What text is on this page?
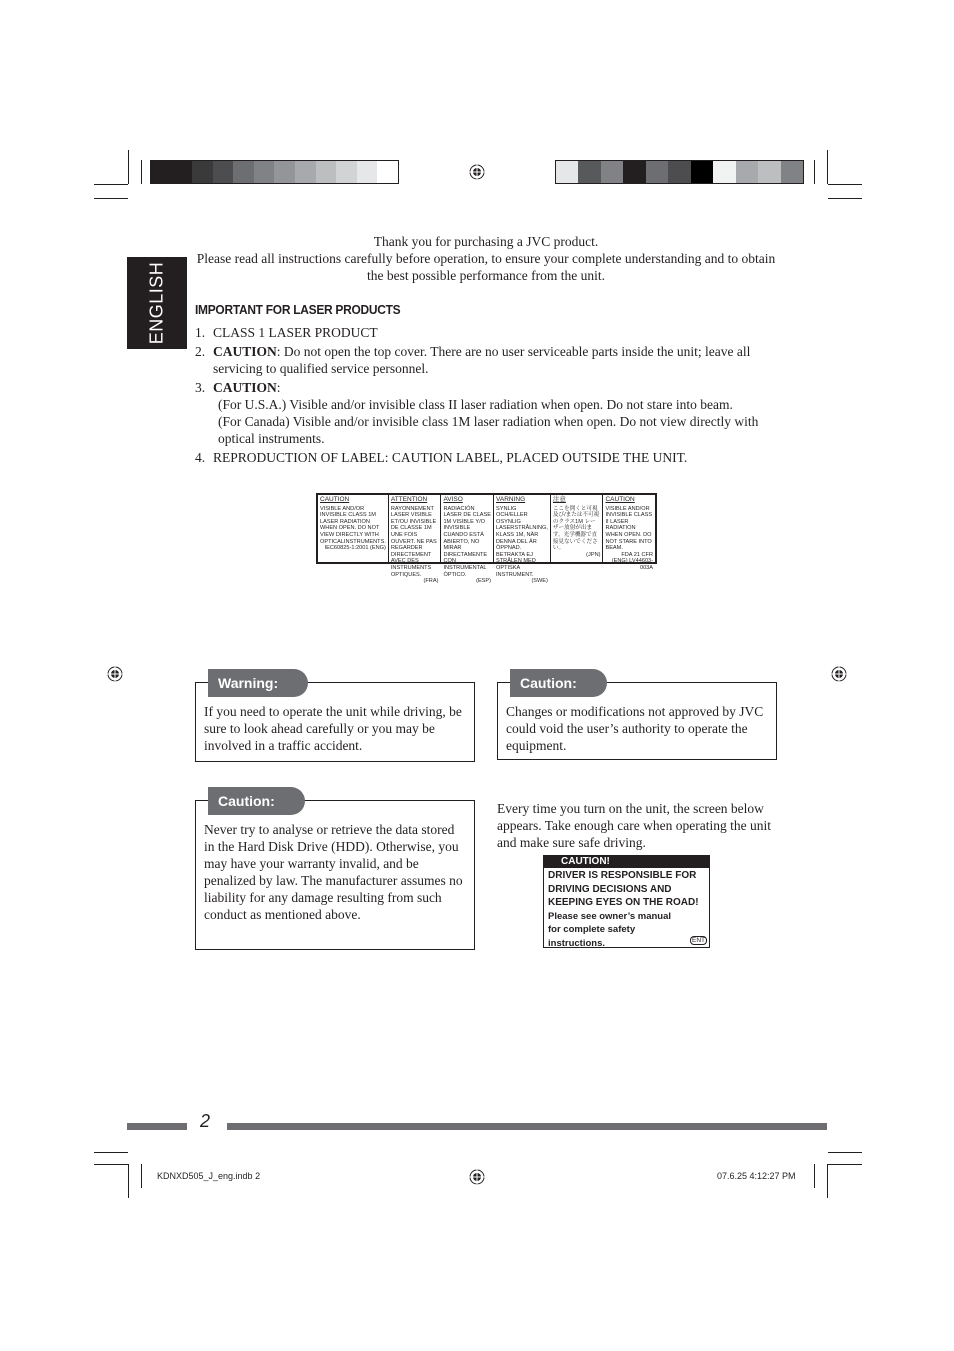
ENGLISH
Thank you for purchasing a JVC product.
Please read all instructions carefully before operation, to ensure your complete understanding and to obtain the best possible performance from the unit.
IMPORTANT FOR LASER PRODUCTS
1. CLASS 1 LASER PRODUCT
2. CAUTION: Do not open the top cover. There are no user serviceable parts inside the unit; leave all servicing to qualified service personnel.
3. CAUTION:
(For U.S.A.) Visible and/or invisible class II laser radiation when open. Do not stare into beam.
(For Canada) Visible and/or invisible class 1M laser radiation when open. Do not view directly with optical instruments.
4. REPRODUCTION OF LABEL: CAUTION LABEL, PLACED OUTSIDE THE UNIT.
CAUTION
VISIBLE AND/OR INVISIBLE CLASS 1M LASER RADIATION WHEN OPEN. DO NOT VIEW DIRECTLY WITH OPTICALINSTRUMENTS.
IEC60825-1:2001 (ENG)
ATTENTION
RAYONNEMENT LASER VISIBLE ET/OU INVISIBLE DE CLASSE 1M UNE FOIS OUVERT. NE PAS REGARDER DIRECTEMENT AVEC DES INSTRUMENTS OPTIQUES.
(FRA)
AVISO
RADIACIÓN LASER DE CLASE 1M VISIBLE Y/O INVISIBLE CUANDO ESTÁ ABIERTO, NO MIRAR DIRECTAMENTE CON INSTRUMENTAL ÓPTICO.
(ESP)
VARNING
SYNLIG OCH/ELLER OSYNLIG LASERSTRÅLNING, KLASS 1M, NÄR DENNA DEL ÄR ÖPPNAD. BETRAKTA EJ STRÅLEN MED OPTISKA INSTRUMENT.
(SWE)
注意
ここを開くと可視及び/または不可視のクラス1M レーザー放射が出ます。光学機器で直接見ないでください。
(JPN)
CAUTION
VISIBLE AND/OR INVISIBLE CLASS II LASER RADIATION WHEN OPEN. DO NOT STARE INTO BEAM.
FDA 21 CFR (ENG) LV44603-003A
Warning:
If you need to operate the unit while driving, be sure to look ahead carefully or you may be involved in a traffic accident.
Caution:
Changes or modifications not approved by JVC could void the user’s authority to operate the equipment.
Caution:
Never try to analyse or retrieve the data stored in the Hard Disk Drive (HDD). Otherwise, you may have your warranty invalid, and be penalized by law. The manufacturer assumes no liability for any damage resulting from such conduct as mentioned above.
Every time you turn on the unit, the screen below appears. Take enough care when operating the unit and make sure safe driving.
CAUTION!
DRIVER IS RESPONSIBLE FOR
DRIVING DECISIONS AND
KEEPING EYES ON THE ROAD!
Please see owner’s manual
for complete safety
instructions.	ENT
2
KDNXD505_J_eng.indb 2	07.6.25 4:12:27 PM
